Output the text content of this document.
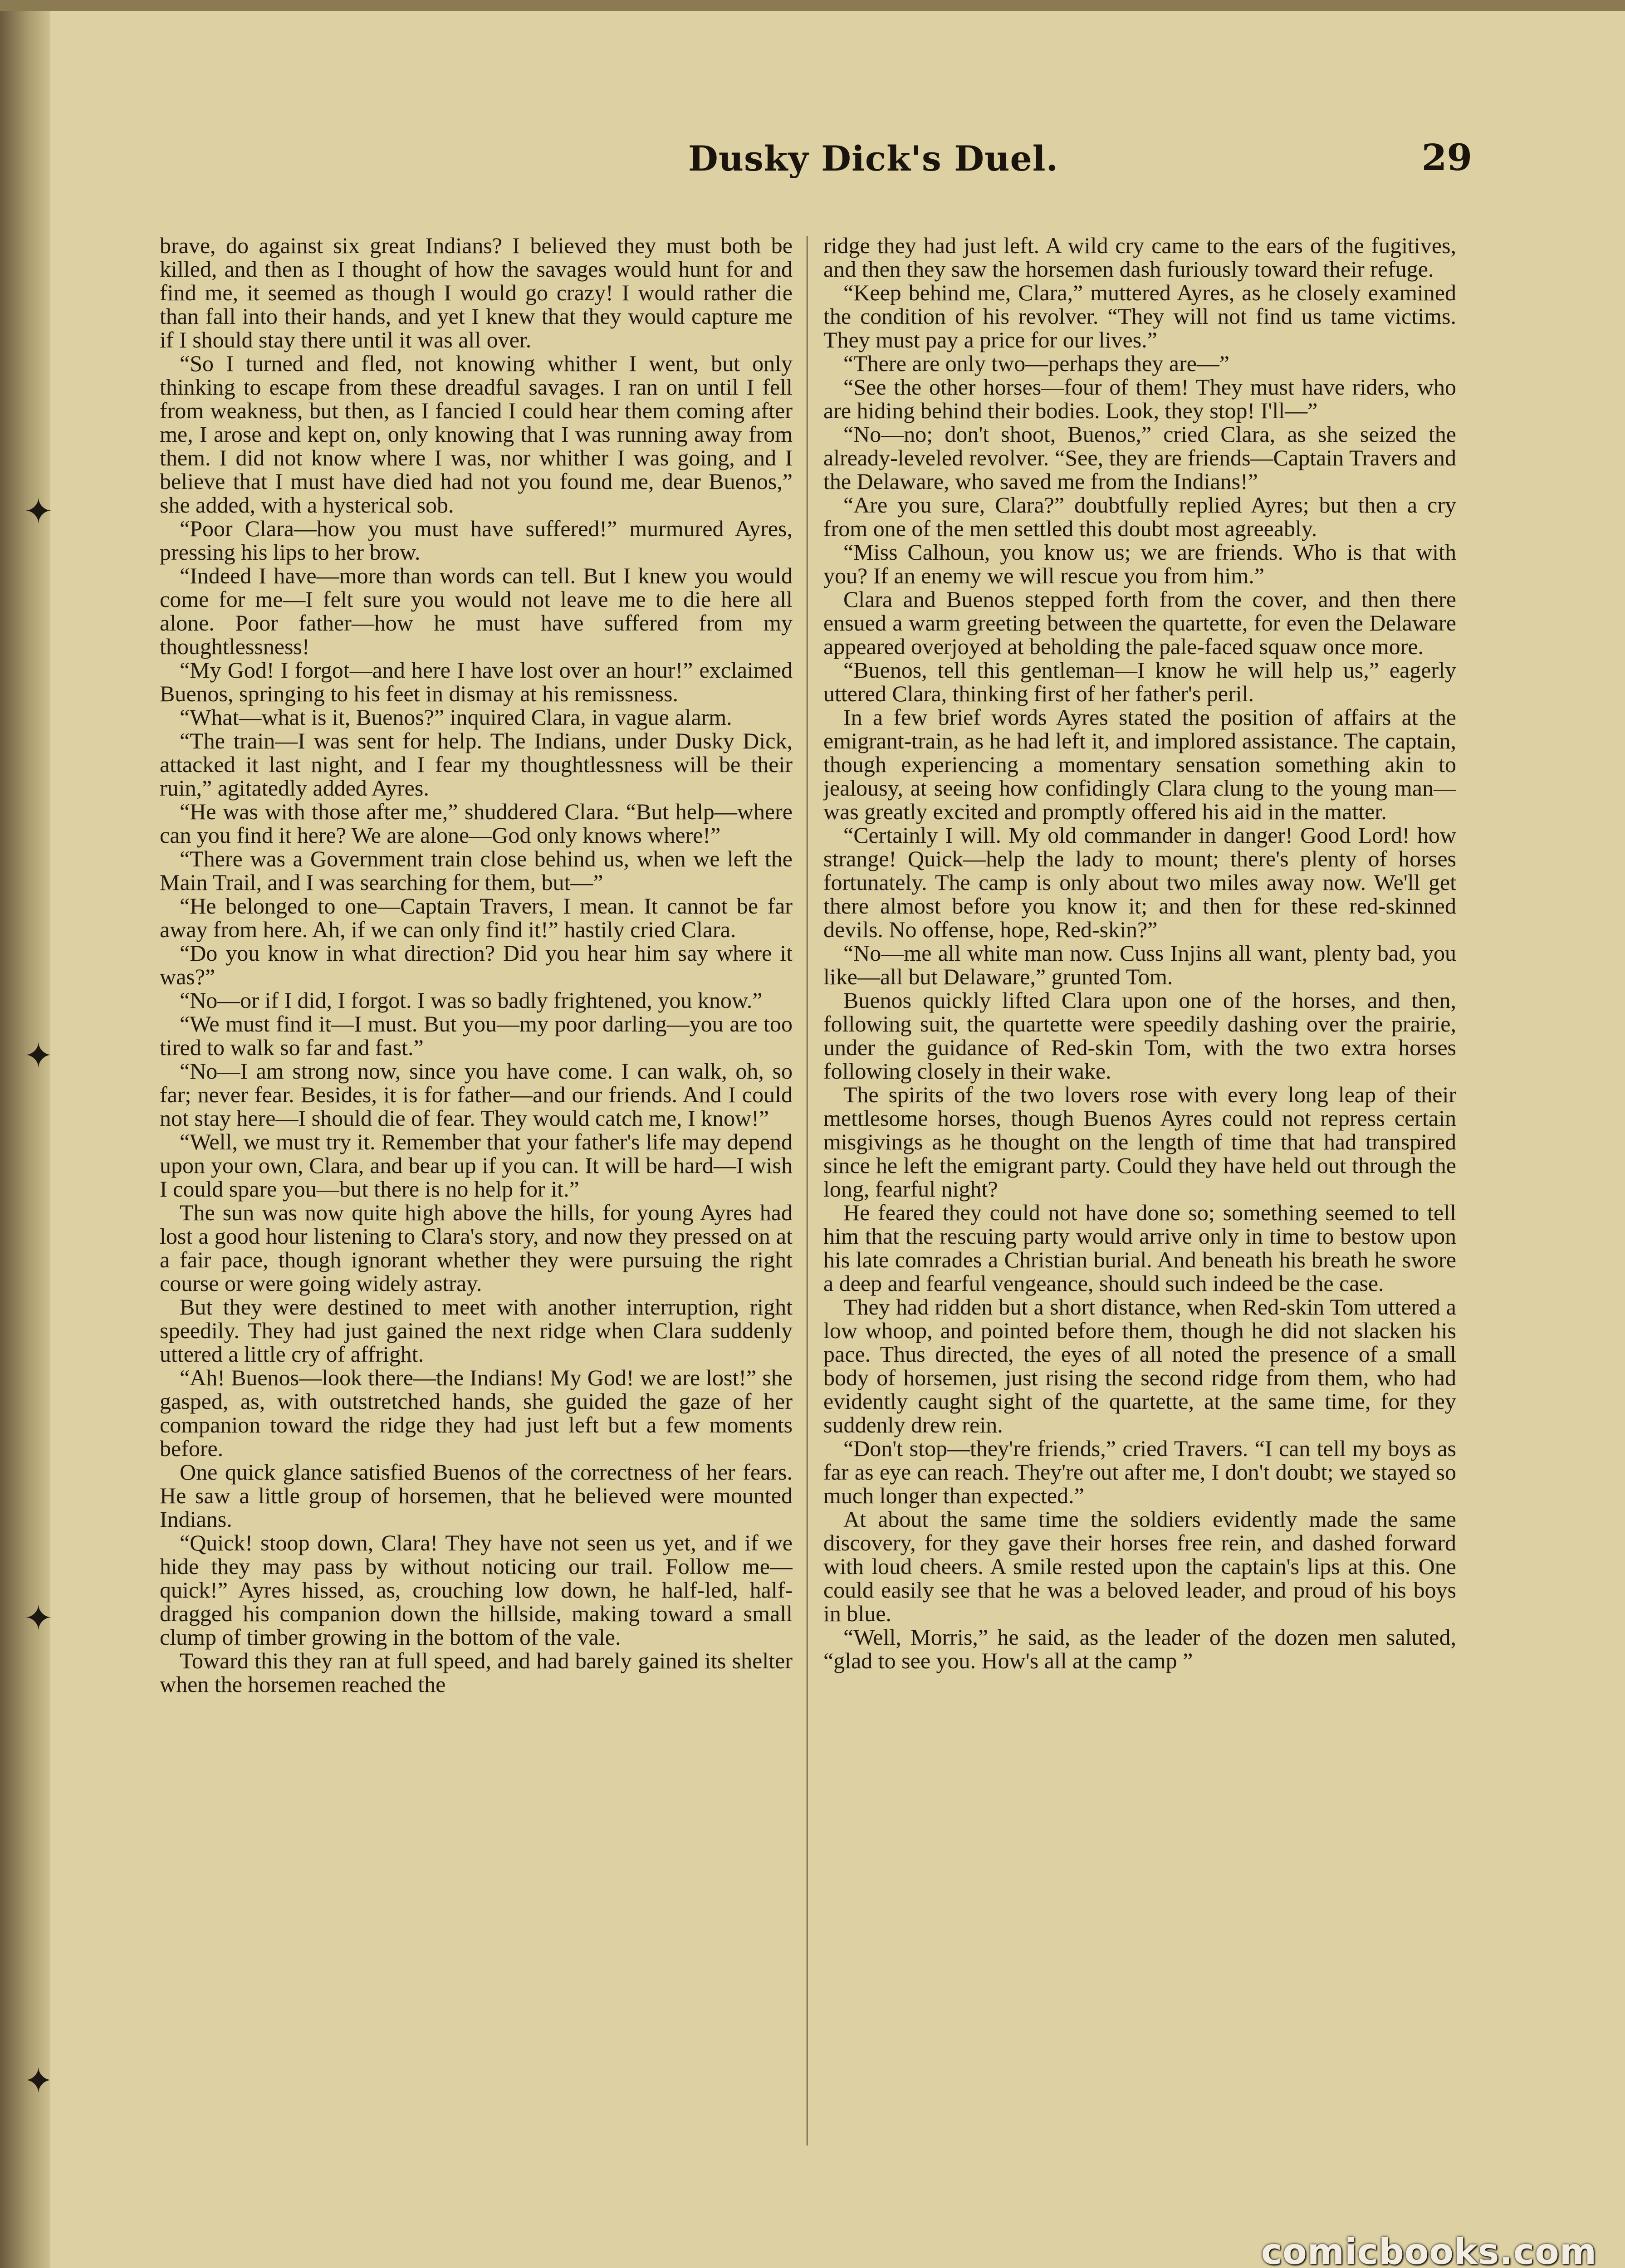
✦
✦
✦
✦
Dusky Dick's Duel.	29

brave, do against six great Indians? I believed they must both be killed, and then as I thought of how the savages would hunt for and find me, it seemed as though I would go crazy! I would rather die than fall into their hands, and yet I knew that they would capture me if I should stay there until it was all over.

“So I turned and fled, not knowing whither I went, but only thinking to escape from these dreadful savages. I ran on until I fell from weakness, but then, as I fancied I could hear them coming after me, I arose and kept on, only knowing that I was running away from them. I did not know where I was, nor whither I was going, and I believe that I must have died had not you found me, dear Buenos,” she added, with a hysterical sob.

“Poor Clara—how you must have suffered!” murmured Ayres, pressing his lips to her brow.

“Indeed I have—more than words can tell. But I knew you would come for me—I felt sure you would not leave me to die here all alone. Poor father—how he must have suffered from my thoughtlessness!

“My God! I forgot—and here I have lost over an hour!” exclaimed Buenos, springing to his feet in dismay at his remissness.

“What—what is it, Buenos?” inquired Clara, in vague alarm.

“The train—I was sent for help. The Indians, under Dusky Dick, attacked it last night, and I fear my thoughtlessness will be their ruin,” agitatedly added Ayres.

“He was with those after me,” shuddered Clara. “But help—where can you find it here? We are alone—God only knows where!”

“There was a Government train close behind us, when we left the Main Trail, and I was searching for them, but—”

“He belonged to one—Captain Travers, I mean. It cannot be far away from here. Ah, if we can only find it!” hastily cried Clara.

“Do you know in what direction? Did you hear him say where it was?”

“No—or if I did, I forgot. I was so badly frightened, you know.”

“We must find it—I must. But you—my poor darling—you are too tired to walk so far and fast.”

“No—I am strong now, since you have come. I can walk, oh, so far; never fear. Besides, it is for father—and our friends. And I could not stay here—I should die of fear. They would catch me, I know!”

“Well, we must try it. Remember that your father's life may depend upon your own, Clara, and bear up if you can. It will be hard—I wish I could spare you—but there is no help for it.”

The sun was now quite high above the hills, for young Ayres had lost a good hour listening to Clara's story, and now they pressed on at a fair pace, though ignorant whether they were pursuing the right course or were going widely astray.

But they were destined to meet with another interruption, right speedily. They had just gained the next ridge when Clara suddenly uttered a little cry of affright.

“Ah! Buenos—look there—the Indians! My God! we are lost!” she gasped, as, with outstretched hands, she guided the gaze of her companion toward the ridge they had just left but a few moments before.

One quick glance satisfied Buenos of the correctness of her fears. He saw a little group of horsemen, that he believed were mounted Indians.

“Quick! stoop down, Clara! They have not seen us yet, and if we hide they may pass by without noticing our trail. Follow me—quick!” Ayres hissed, as, crouching low down, he half-led, half-dragged his companion down the hillside, making toward a small clump of timber growing in the bottom of the vale.

Toward this they ran at full speed, and had barely gained its shelter when the horsemen reached the

ridge they had just left. A wild cry came to the ears of the fugitives, and then they saw the horsemen dash furiously toward their refuge.

“Keep behind me, Clara,” muttered Ayres, as he closely examined the condition of his revolver. “They will not find us tame victims. They must pay a price for our lives.”

“There are only two—perhaps they are—”

“See the other horses—four of them! They must have riders, who are hiding behind their bodies. Look, they stop! I'll—”

“No—no; don't shoot, Buenos,” cried Clara, as she seized the already-leveled revolver. “See, they are friends—Captain Travers and the Delaware, who saved me from the Indians!”

“Are you sure, Clara?” doubtfully replied Ayres; but then a cry from one of the men settled this doubt most agreeably.

“Miss Calhoun, you know us; we are friends. Who is that with you? If an enemy we will rescue you from him.”

Clara and Buenos stepped forth from the cover, and then there ensued a warm greeting between the quartette, for even the Delaware appeared overjoyed at beholding the pale-faced squaw once more.

“Buenos, tell this gentleman—I know he will help us,” eagerly uttered Clara, thinking first of her father's peril.

In a few brief words Ayres stated the position of affairs at the emigrant-train, as he had left it, and implored assistance. The captain, though experiencing a momentary sensation something akin to jealousy, at seeing how confidingly Clara clung to the young man—was greatly excited and promptly offered his aid in the matter.

“Certainly I will. My old commander in danger! Good Lord! how strange! Quick—help the lady to mount; there's plenty of horses fortunately. The camp is only about two miles away now. We'll get there almost before you know it; and then for these red-skinned devils. No offense, hope, Red-skin?”

“No—me all white man now. Cuss Injins all want, plenty bad, you like—all but Delaware,” grunted Tom.

Buenos quickly lifted Clara upon one of the horses, and then, following suit, the quartette were speedily dashing over the prairie, under the guidance of Red-skin Tom, with the two extra horses following closely in their wake.

The spirits of the two lovers rose with every long leap of their mettlesome horses, though Buenos Ayres could not repress certain misgivings as he thought on the length of time that had transpired since he left the emigrant party. Could they have held out through the long, fearful night?

He feared they could not have done so; something seemed to tell him that the rescuing party would arrive only in time to bestow upon his late comrades a Christian burial. And beneath his breath he swore a deep and fearful vengeance, should such indeed be the case.

They had ridden but a short distance, when Red-skin Tom uttered a low whoop, and pointed before them, though he did not slacken his pace. Thus directed, the eyes of all noted the presence of a small body of horsemen, just rising the second ridge from them, who had evidently caught sight of the quartette, at the same time, for they suddenly drew rein.

“Don't stop—they're friends,” cried Travers. “I can tell my boys as far as eye can reach. They're out after me, I don't doubt; we stayed so much longer than expected.”

At about the same time the soldiers evidently made the same discovery, for they gave their horses free rein, and dashed forward with loud cheers. A smile rested upon the captain's lips at this. One could easily see that he was a beloved leader, and proud of his boys in blue.

“Well, Morris,” he said, as the leader of the dozen men saluted, “glad to see you. How's all at the camp ”

comicbooks.com
